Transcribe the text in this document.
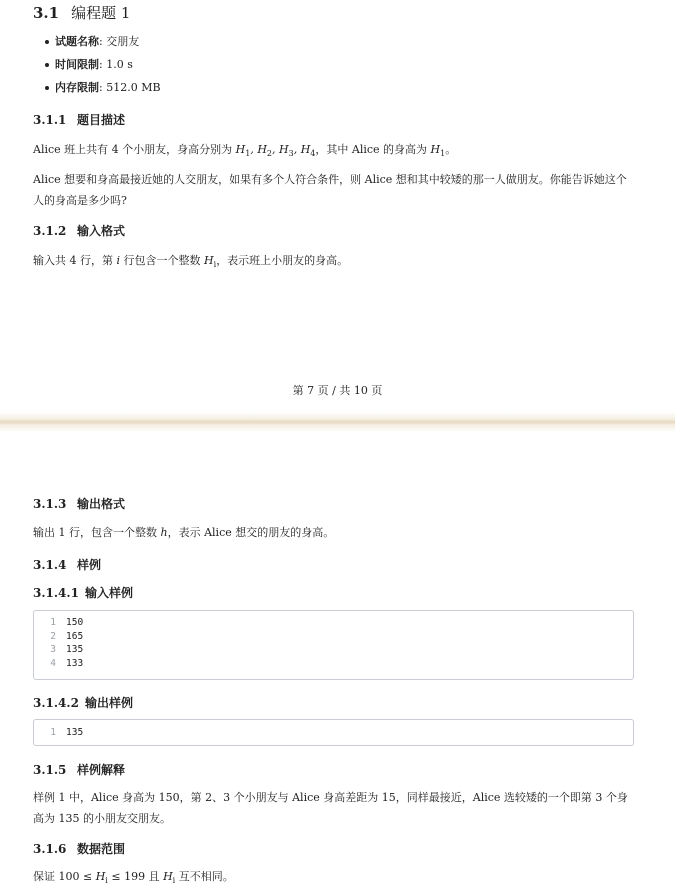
3.1 编程题 1
试题名称: 交朋友
时间限制: 1.0 s
内存限制: 512.0 MB
3.1.1 题目描述
Alice 班上共有 4 个小朋友，身高分别为 $H_1$, $H_2$, $H_3$, $H_4$，其中 Alice 的身高为 $H_1$。
Alice 想要和身高最接近她的人交朋友，如果有多个人符合条件，则 Alice 想和其中较矮的那一人做朋友。你能告诉她这个人的身高是多少吗?
3.1.2 输入格式
输入共 4 行，第 i 行包含一个整数 $H_i$，表示班上小朋友的身高。
第 7 页 / 共 10 页
3.1.3 输出格式
输出 1 行，包含一个整数 h，表示 Alice 想交的朋友的身高。
3.1.4 样例
3.1.4.1 输入样例
1	150
2	165
3	135
4	133
3.1.4.2 输出样例
1	135
3.1.5 样例解释
样例 1 中，Alice 身高为 150，第 2、3 个小朋友与 Alice 身高差距为 15，同样最接近，Alice 选较矮的一个即第 3 个身高为 135 的小朋友交朋友。
3.1.6 数据范围
保证 $100 \le H_i \le 199$ 且 $H_i$ 互不相同。
